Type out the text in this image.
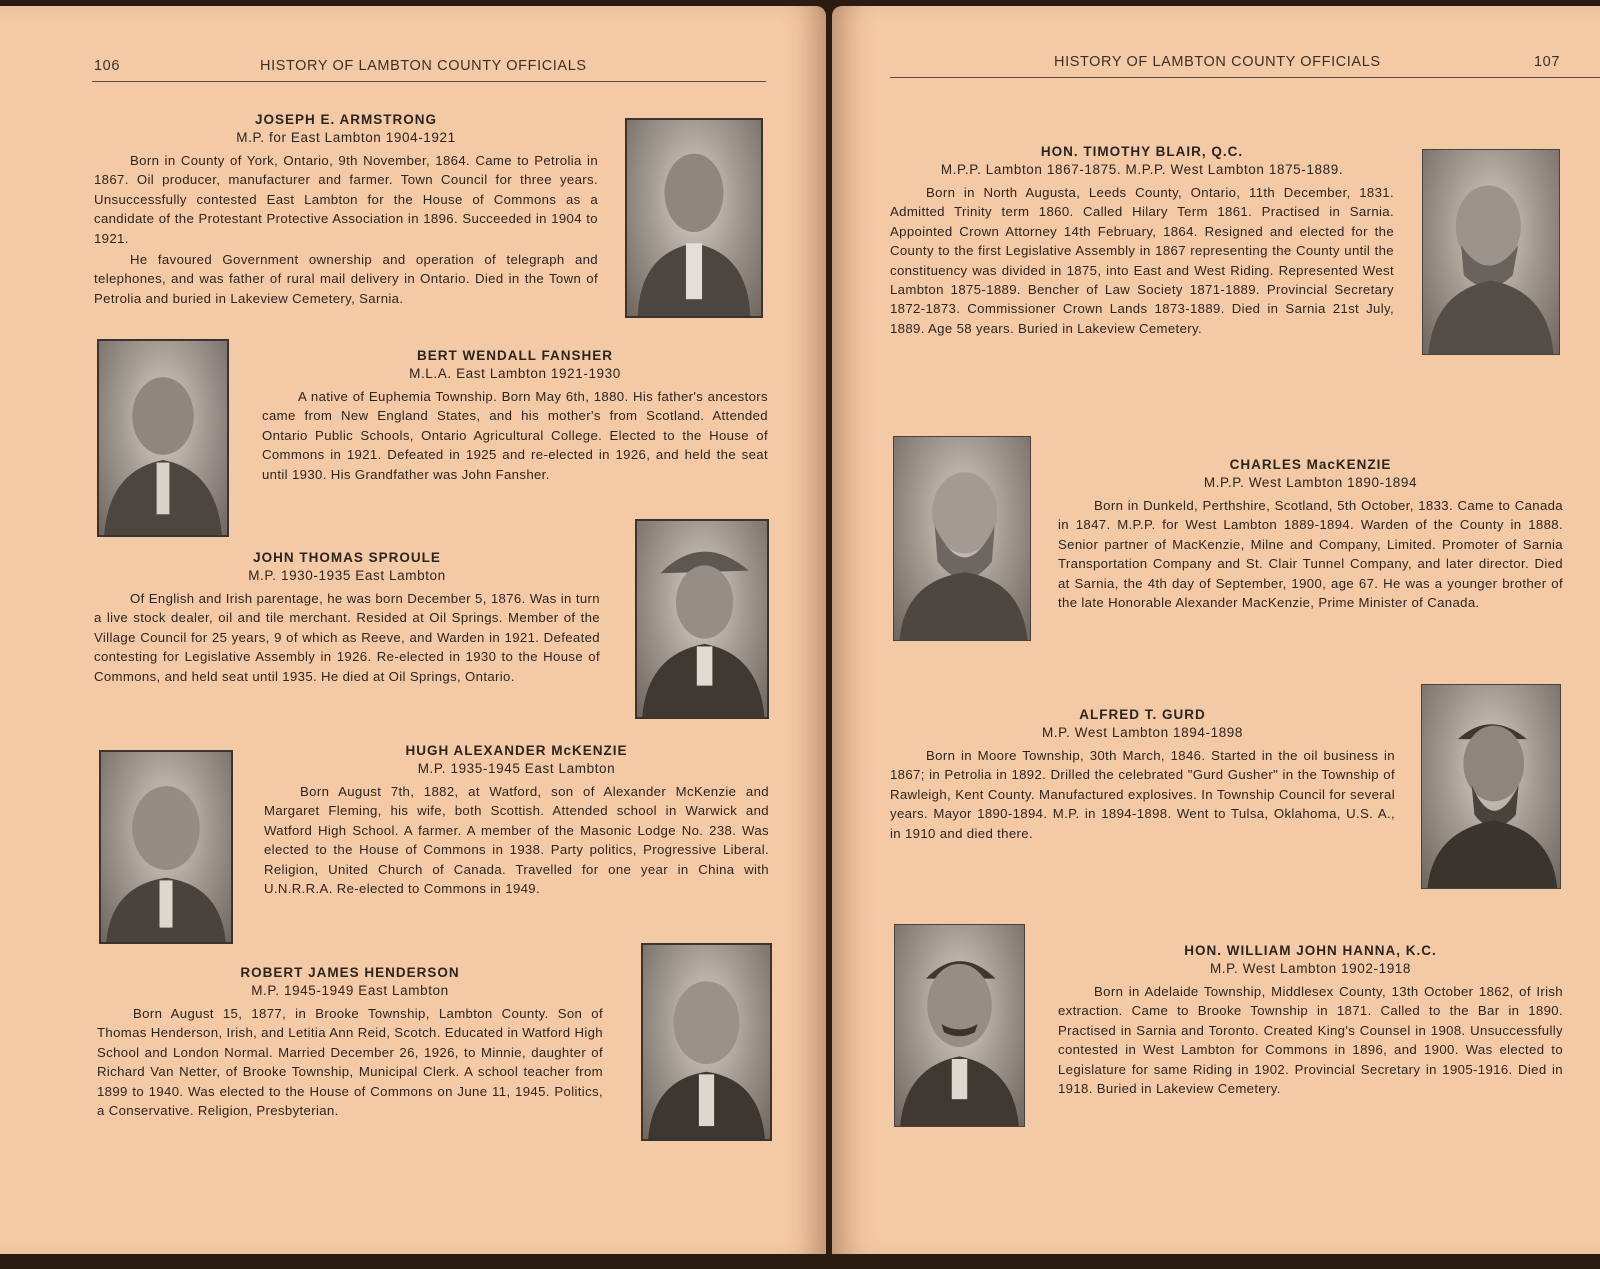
106	HISTORY OF LAMBTON COUNTY OFFICIALS
JOSEPH E. ARMSTRONG
M.P. for East Lambton 1904-1921

Born in County of York, Ontario, 9th November, 1864. Came to Petrolia in 1867. Oil producer, manufacturer and farmer. Town Council for three years. Unsuccessfully contested East Lambton for the House of Commons as a candidate of the Protestant Protective Association in 1896. Succeeded in 1904 to 1921.

He favoured Government ownership and operation of telegraph and telephones, and was father of rural mail delivery in Ontario. Died in the Town of Petrolia and buried in Lakeview Cemetery, Sarnia.

BERT WENDALL FANSHER
M.L.A. East Lambton 1921-1930

A native of Euphemia Township. Born May 6th, 1880. His father's ancestors came from New England States, and his mother's from Scotland. Attended Ontario Public Schools, Ontario Agricultural College. Elected to the House of Commons in 1921. Defeated in 1925 and re-elected in 1926, and held the seat until 1930. His Grandfather was John Fansher.

JOHN THOMAS SPROULE
M.P. 1930-1935 East Lambton

Of English and Irish parentage, he was born December 5, 1876. Was in turn a live stock dealer, oil and tile merchant. Resided at Oil Springs. Member of the Village Council for 25 years, 9 of which as Reeve, and Warden in 1921. Defeated contesting for Legislative Assembly in 1926. Re-elected in 1930 to the House of Commons, and held seat until 1935. He died at Oil Springs, Ontario.

HUGH ALEXANDER McKENZIE
M.P. 1935-1945 East Lambton

Born August 7th, 1882, at Watford, son of Alexander McKenzie and Margaret Fleming, his wife, both Scottish. Attended school in Warwick and Watford High School. A farmer. A member of the Masonic Lodge No. 238. Was elected to the House of Commons in 1938. Party politics, Progressive Liberal. Religion, United Church of Canada. Travelled for one year in China with U.N.R.R.A. Re-elected to Commons in 1949.

ROBERT JAMES HENDERSON
M.P. 1945-1949 East Lambton

Born August 15, 1877, in Brooke Township, Lambton County. Son of Thomas Henderson, Irish, and Letitia Ann Reid, Scotch. Educated in Watford High School and London Normal. Married December 26, 1926, to Minnie, daughter of Richard Van Netter, of Brooke Township, Municipal Clerk. A school teacher from 1899 to 1940. Was elected to the House of Commons on June 11, 1945. Politics, a Conservative. Religion, Presbyterian.

HISTORY OF LAMBTON COUNTY OFFICIALS	107
HON. TIMOTHY BLAIR, Q.C.
M.P.P. Lambton 1867-1875. M.P.P. West Lambton 1875-1889.

Born in North Augusta, Leeds County, Ontario, 11th December, 1831. Admitted Trinity term 1860. Called Hilary Term 1861. Practised in Sarnia. Appointed Crown Attorney 14th February, 1864. Resigned and elected for the County to the first Legislative Assembly in 1867 representing the County until the constituency was divided in 1875, into East and West Riding. Represented West Lambton 1875-1889. Bencher of Law Society 1871-1889. Provincial Secretary 1872-1873. Commissioner Crown Lands 1873-1889. Died in Sarnia 21st July, 1889. Age 58 years. Buried in Lakeview Cemetery.

CHARLES MacKENZIE
M.P.P. West Lambton 1890-1894

Born in Dunkeld, Perthshire, Scotland, 5th October, 1833. Came to Canada in 1847. M.P.P. for West Lambton 1889-1894. Warden of the County in 1888. Senior partner of MacKenzie, Milne and Company, Limited. Promoter of Sarnia Transportation Company and St. Clair Tunnel Company, and later director. Died at Sarnia, the 4th day of September, 1900, age 67. He was a younger brother of the late Honorable Alexander MacKenzie, Prime Minister of Canada.

ALFRED T. GURD
M.P. West Lambton 1894-1898

Born in Moore Township, 30th March, 1846. Started in the oil business in 1867; in Petrolia in 1892. Drilled the celebrated "Gurd Gusher" in the Township of Rawleigh, Kent County. Manufactured explosives. In Township Council for several years. Mayor 1890-1894. M.P. in 1894-1898. Went to Tulsa, Oklahoma, U.S. A., in 1910 and died there.

HON. WILLIAM JOHN HANNA, K.C.
M.P. West Lambton 1902-1918

Born in Adelaide Township, Middlesex County, 13th October 1862, of Irish extraction. Came to Brooke Township in 1871. Called to the Bar in 1890. Practised in Sarnia and Toronto. Created King's Counsel in 1908. Unsuccessfully contested in West Lambton for Commons in 1896, and 1900. Was elected to Legislature for same Riding in 1902. Provincial Secretary in 1905-1916. Died in 1918. Buried in Lakeview Cemetery.
